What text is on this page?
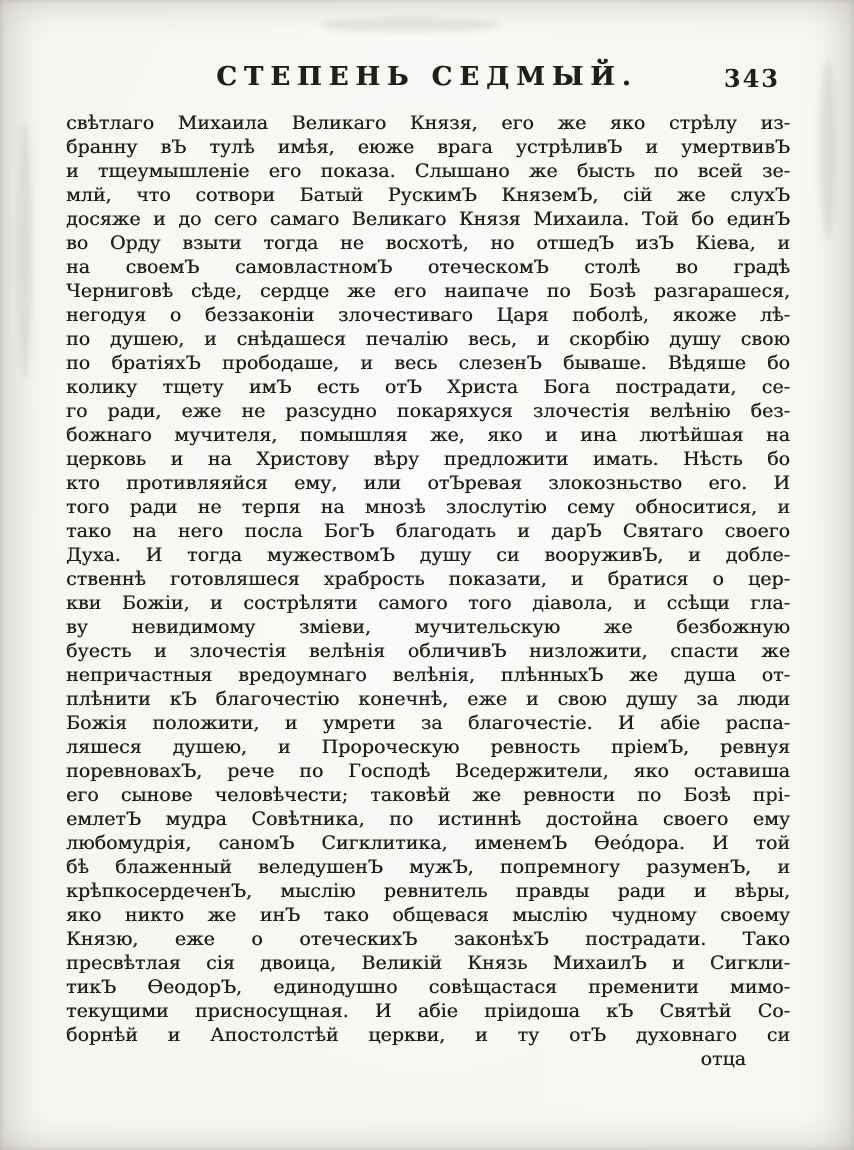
СТЕПЕНЬ СЕДМЫЙ.	343
свѣтлаго Михаила Великаго Князя, его же яко стрѣлу из-
бранну вЪ тулѣ имѣя, еюже врага устрѣливЪ и умертвивЪ
и тщеумышленіе его показа. Слышано же бысть по всей зе-
млй, что сотвори Батый РускимЪ КняземЪ, сій же слухЪ
досяже и до сего самаго Великаго Князя Михаила. Той бо единЪ
во Орду взыти тогда не восхотѣ, но отшедЪ изЪ Кіева, и
на своемЪ самовластномЪ отеческомЪ столѣ во градѣ
Черниговѣ сѣде, сердце же его наипаче по Бозѣ разгарашеся,
негодуя о беззаконіи злочестиваго Царя поболѣ, якоже лѣ-
по душею, и снѣдашеся печалію весь, и скорбію душу свою
по братіяхЪ прободаше, и весь слезенЪ бываше. Вѣдяше бо
колику тщету имЪ есть отЪ Христа Бога пострадати, се-
го ради, еже не разсудно покаряхуся злочестія велѣнію без-
божнаго мучителя, помышляя же, яко и ина лютѣйшая на
церковь и на Христову вѣру предложити имать. Нѣсть бо
кто противляяйся ему, или отЪревая злокозньство его. И
того ради не терпя на мнозѣ злослутію сему обноситися, и
тако на него посла БогЪ благодать и дарЪ Святаго своего
Духа. И тогда мужествомЪ душу си вооруживЪ, и добле-
ственнѣ готовляшеся храбрость показати, и братися о цер-
кви Божіи, и сострѣляти самого того діавола, и ссѣщи гла-
ву невидимому зміеви, мучительскую же безбожную
буесть и злочестія велѣнія обличивЪ низложити, спасти же
непричастныя вредоумнаго велѣнія, плѣнныхЪ же душа от-
плѣнити кЪ благочестію конечнѣ, еже и свою душу за люди
Божія положити, и умрети за благочестіе. И абіе распа-
ляшеся душею, и Пророческую ревность пріемЪ, ревнуя
поревновахЪ, рече по Господѣ Вседержители, яко оставиша
его сынове человѣчести; таковѣй же ревности по Бозѣ прі-
емлетЪ мудра Совѣтника, по истиннѣ достойна своего ему
любомудрія, саномЪ Сигклитика, именемЪ Ѳео́дора. И той
бѣ блаженный веледушенЪ мужЪ, попремногу разуменЪ, и
крѣпкосердеченЪ, мыслію ревнитель правды ради и вѣры,
яко никто же инЪ тако общевася мыслію чудному своему
Князю, еже о отеческихЪ законѣхЪ пострадати. Тако
пресвѣтлая сія двоица, Великій Князь МихаилЪ и Сигкли-
тикЪ ѲеодорЪ, единодушно совѣщастася пременити мимо-
текущими присносущная. И абіе пріидоша кЪ Святѣй Со-
борнѣй и Апостолстѣй церкви, и ту отЪ духовнаго си
отца
